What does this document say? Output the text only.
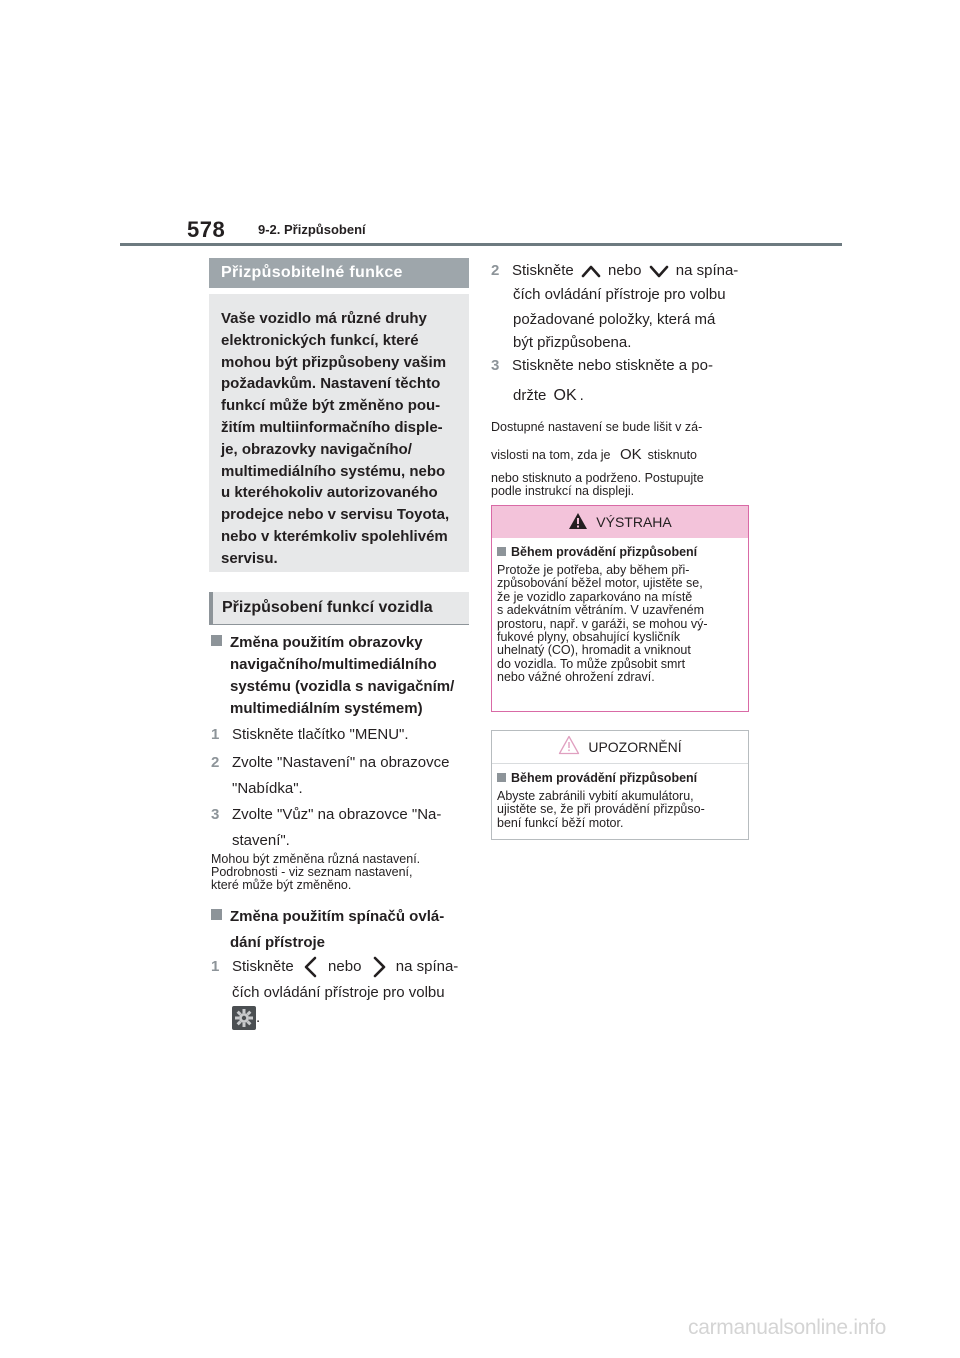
578	9-2. Přizpůsobení
Přizpůsobitelné funkce
Vaše vozidlo má různé druhy
elektronických funkcí, které
mohou být přizpůsobeny vašim
požadavkům. Nastavení těchto
funkcí může být změněno pou-
žitím multiinformačního disple-
je, obrazovky navigačního/
multimediálního systému, nebo
u kteréhokoliv autorizovaného
prodejce nebo v servisu Toyota,
nebo v kterémkoliv spolehlivém
servisu.
Přizpůsobení funkcí vozidla
Změna použitím obrazovky
navigačního/multimediálního
systému (vozidla s navigačním/
multimediálním systémem)
1 Stiskněte tlačítko "MENU".
2 Zvolte "Nastavení" na obrazovce
"Nabídka".
3 Zvolte "Vůz" na obrazovce "Na-
stavení".
Mohou být změněna různá nastavení.
Podrobnosti - viz seznam nastavení,
které může být změněno.
Změna použitím spínačů ovlá-
dání přístroje
1 Stiskněte nebo na spína-
čích ovládání přístroje pro volbu
.
2 Stiskněte nebo na spína-
čích ovládání přístroje pro volbu
požadované položky, která má
být přizpůsobena.
3 Stiskněte nebo stiskněte a po-
držte OK .
Dostupné nastavení se bude lišit v zá-
vislosti na tom, zda je OK stisknuto
nebo stisknuto a podrženo. Postupujte
podle instrukcí na displeji.
VÝSTRAHA
Během provádění přizpůsobení
Protože je potřeba, aby během při-
způsobování běžel motor, ujistěte se,
že je vozidlo zaparkováno na místě
s adekvátním větráním. V uzavřeném
prostoru, např. v garáži, se mohou vý-
fukové plyny, obsahující kysličník
uhelnatý (CO), hromadit a vniknout
do vozidla. To může způsobit smrt
nebo vážné ohrožení zdraví.
UPOZORNĚNÍ
Během provádění přizpůsobení
Abyste zabránili vybití akumulátoru,
ujistěte se, že při provádění přizpůso-
bení funkcí běží motor.
carmanualsonline.info
